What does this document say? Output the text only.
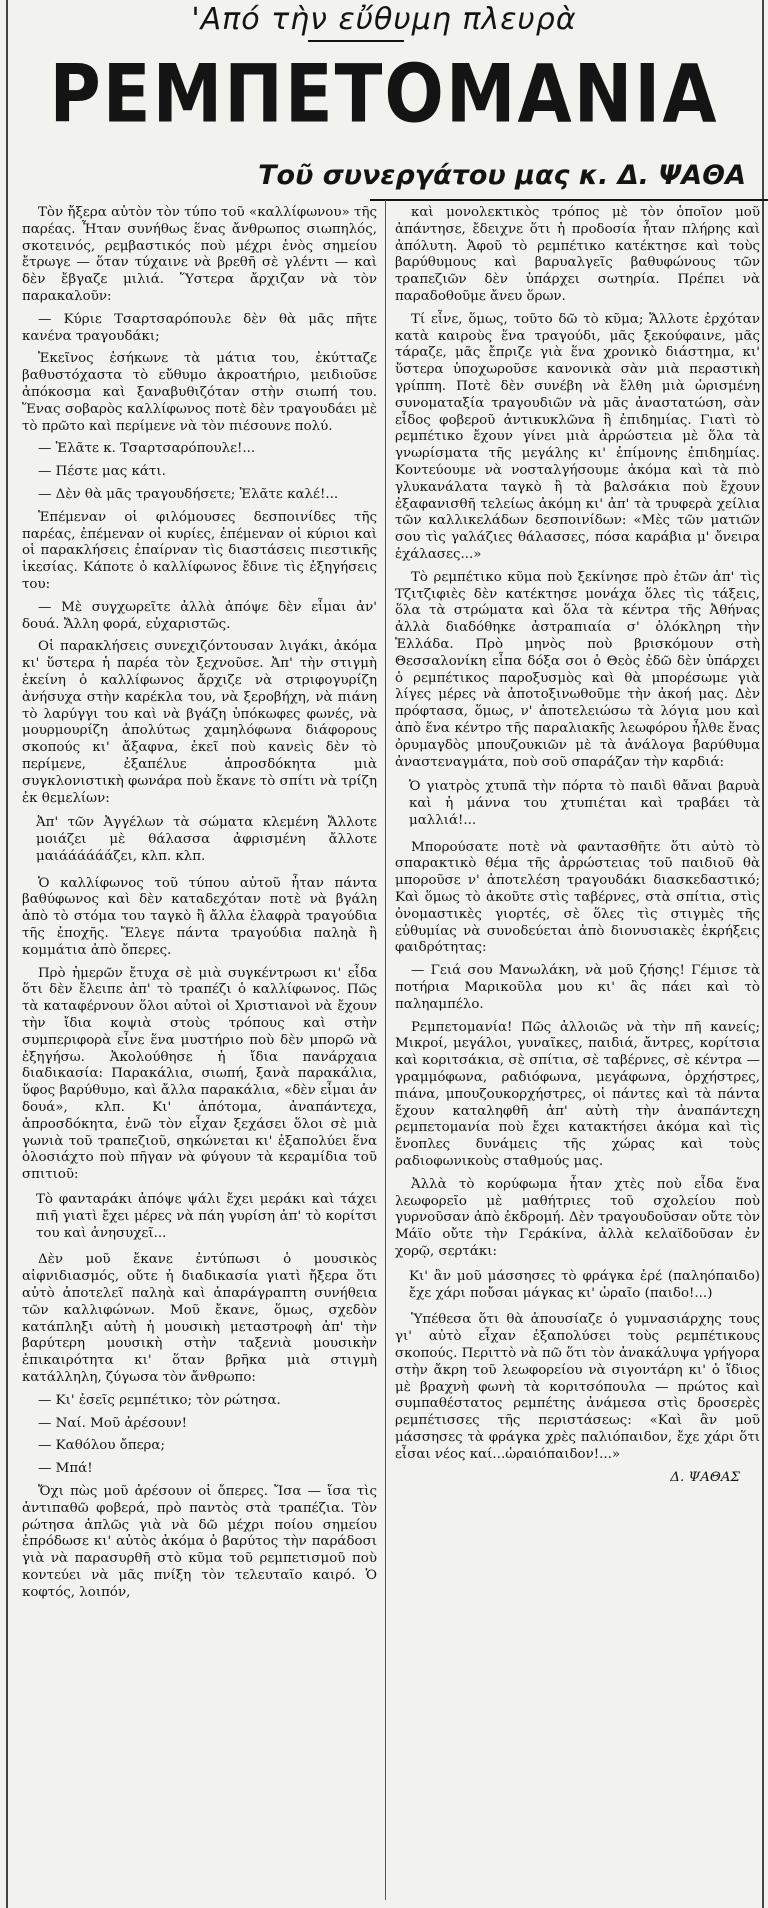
'Από τὴν εὔθυμη πλευρὰ
ΡΕΜΠΕΤΟΜΑΝΙΑ
Τοῦ συνεργάτου μας κ. Δ. ΨΑΘΑ

Τὸν ἤξερα αὐτὸν τὸν τύπο τοῦ «καλλίφωνου» τῆς παρέας. Ἦταν συνήθως ἕνας ἄνθρωπος σιωπηλός, σκοτεινός, ρεμβαστικός ποὺ μέχρι ἑνὸς σημείου ἔτρωγε — ὅταν τύχαινε νὰ βρεθῆ σὲ γλέντι — καὶ δὲν ἔβγαζε μιλιά. Ὕστερα ἄρχιζαν νὰ τὸν παρακαλοῦν:

— Κύριε Τσαρτσαρόπουλε δὲν θὰ μᾶς πῆτε κανένα τραγουδάκι;

Ἐκεῖνος ἐσήκωνε τὰ μάτια του, ἐκύτταζε βαθυστόχαστα τὸ εὔθυμο ἀκροατήριο, μειδιοῦσε ἀπόκοσμα καὶ ξαναβυθιζόταν στὴν σιωπή του. Ἕνας σοβαρὸς καλλίφωνος ποτὲ δὲν τραγουδάει μὲ τὸ πρῶτο καὶ περίμενε νὰ τὸν πιέσουνε πολύ.

— Ἐλᾶτε κ. Τσαρτσαρόπουλε!...

— Πέστε μας κάτι.

— Δὲν θὰ μᾶς τραγουδήσετε; Ἐλᾶτε καλέ!...

Ἐπέμεναν οἱ φιλόμουσες δεσποινίδες τῆς παρέας, ἐπέμεναν οἱ κυρίες, ἐπέμεναν οἱ κύριοι καὶ οἱ παρακλήσεις ἐπαίρναν τὶς διαστάσεις πιεστικῆς ἱκεσίας. Κάποτε ὁ καλλίφωνος ἔδινε τὶς ἐξηγήσεις του:

— Μὲ συγχωρεῖτε ἀλλὰ ἀπόψε δὲν εἶμαι ἀν' δουά. Ἄλλη φορά, εὐχαριστῶς.

Οἱ παρακλήσεις συνεχιζόντουσαν λιγάκι, ἀκόμα κι' ὕστερα ἡ παρέα τὸν ξεχνοῦσε. Ἀπ' τὴν στιγμὴ ἐκείνη ὁ καλλίφωνος ἄρχιζε νὰ στριφογυρίζη ἀνήσυχα στὴν καρέκλα του, νὰ ξεροβήχη, νὰ πιάνη τὸ λαρύγγι του καὶ νὰ βγάζη ὑπόκωφες φωνές, νὰ μουρμουρίζη ἀπολύτως χαμηλόφωνα διάφορους σκοπούς κι' ἄξαφνα, ἐκεῖ ποὺ κανεὶς δὲν τὸ περίμενε, ἐξαπέλυε ἀπροσδόκητα μιὰ συγκλονιστικὴ φωνάρα ποὺ ἔκανε τὸ σπίτι νὰ τρίζη ἐκ θεμελίων:

Ἀπ' τῶν Ἀγγέλων τὰ σώματα κλεμένη Ἄλλοτε μοιάζει μὲ θάλασσα ἀφρισμένη ἄλλοτε μαιάάάάάάζει, κλπ. κλπ.

Ὁ καλλίφωνος τοῦ τύπου αὐτοῦ ἦταν πάντα βαθύφωνος καὶ δὲν καταδεχόταν ποτὲ νὰ βγάλη ἀπὸ τὸ στόμα του ταγκὸ ἢ ἄλλα ἐλαφρὰ τραγούδια τῆς ἐποχῆς. Ἔλεγε πάντα τραγούδια παληὰ ἢ κομμάτια ἀπὸ ὄπερες.

Πρὸ ἡμερῶν ἔτυχα σὲ μιὰ συγκέντρωσι κι' εἶδα ὅτι δὲν ἔλειπε ἀπ' τὸ τραπέζι ὁ καλλίφωνος. Πῶς τὰ καταφέρνουν ὅλοι αὐτοὶ οἱ Χριστιανοὶ νὰ ἔχουν τὴν ἴδια κοψιὰ στοὺς τρόπους καὶ στὴν συμπεριφορὰ εἶνε ἕνα μυστήριο ποὺ δὲν μπορῶ νὰ ἐξηγήσω. Ἀκολούθησε ἡ ἴδια πανάρχαια διαδικασία: Παρακάλια, σιωπή, ξανὰ παρακάλια, ὕφος βαρύθυμο, καὶ ἄλλα παρακάλια, «δὲν εἶμαι ἀν δουά», κλπ. Κι' ἀπότομα, ἀναπάντεχα, ἀπροσδόκητα, ἐνῶ τὸν εἶχαν ξεχάσει ὅλοι σὲ μιὰ γωνιὰ τοῦ τραπεζιοῦ, σηκώνεται κι' ἐξαπολύει ἕνα ὁλοσιάχτο ποὺ πῆγαν νὰ φύγουν τὰ κεραμίδια τοῦ σπιτιοῦ:

Τὸ φανταράκι ἀπόψε ψάλι ἔχει μεράκι καὶ τάχει πιῆ γιατὶ ἔχει μέρες νὰ πάη γυρίση ἀπ' τὸ κορίτσι του καὶ ἀνησυχεῖ...

Δὲν μοῦ ἔκανε ἐντύπωσι ὁ μουσικὸς αἰφνιδιασμός, οὔτε ἡ διαδικασία γιατὶ ἤξερα ὅτι αὐτὸ ἀποτελεῖ παληὰ καὶ ἀπαράγραπτη συνήθεια τῶν καλλιφώνων. Μοῦ ἔκανε, ὅμως, σχεδὸν κατάπληξι αὐτὴ ἡ μουσικὴ μεταστροφὴ ἀπ' τὴν βαρύτερη μουσικὴ στὴν ταξενιὰ μουσικὴν ἐπικαιρότητα κι' ὅταν βρῆκα μιὰ στιγμὴ κατάλληλη, ζύγωσα τὸν ἄνθρωπο:

— Κι' ἐσεῖς ρεμπέτικο; τὸν ρώτησα.

— Ναί. Μοῦ ἀρέσουν!

— Καθόλου ὄπερα;

— Μπά!

Ὄχι πὼς μοῦ ἀρέσουν οἱ ὄπερες. Ἴσα — ἴσα τὶς ἀντιπαθῶ φοβερά, πρὸ παντὸς στὰ τραπέζια. Τὸν ρώτησα ἁπλῶς γιὰ νὰ δῶ μέχρι ποίου σημείου ἐπρόδωσε κι' αὐτὸς ἀκόμα ὁ βαρύτος τὴν παράδοσι γιὰ νὰ παρασυρθῆ στὸ κῦμα τοῦ ρεμπετισμοῦ ποὺ κοντεύει νὰ μᾶς πνίξη τὸν τελευταῖο καιρό. Ὁ κοφτός, λοιπόν,

καὶ μονολεκτικὸς τρόπος μὲ τὸν ὁποῖον μοῦ ἀπάντησε, ἔδειχνε ὅτι ἡ προδοσία ἦταν πλήρης καὶ ἀπόλυτη. Ἀφοῦ τὸ ρεμπέτικο κατέκτησε καὶ τοὺς βαρύθυμους καὶ βαρυαλγεῖς βαθυφώνους τῶν τραπεζιῶν δὲν ὑπάρχει σωτηρία. Πρέπει νὰ παραδοθοῦμε ἄνευ ὅρων.

Τί εἶνε, ὅμως, τοῦτο δῶ τὸ κῦμα; Ἄλλοτε ἐρχόταν κατὰ καιροὺς ἕνα τραγούδι, μᾶς ξεκούφαινε, μᾶς τάραζε, μᾶς ἔπριζε γιὰ ἕνα χρονικὸ διάστημα, κι' ὕστερα ὑποχωροῦσε κανονικὰ σὰν μιὰ περαστικὴ γρίππη. Ποτὲ δὲν συνέβη νὰ ἔλθη μιὰ ὡρισμένη συνοματαξία τραγουδιῶν νὰ μᾶς ἀναστατώση, σὰν εἶδος φοβεροῦ ἀντικυκλῶνα ἢ ἐπιδημίας. Γιατὶ τὸ ρεμπέτικο ἔχουν γίνει μιὰ ἀρρώστεια μὲ ὅλα τὰ γνωρίσματα τῆς μεγάλης κι' ἐπίμονης ἐπιδημίας. Κοντεύουμε νὰ νοσταλγήσουμε ἀκόμα καὶ τὰ πιὸ γλυκανάλατα ταγκὸ ἢ τὰ βαλσάκια ποὺ ἔχουν ἐξαφανισθῆ τελείως ἀκόμη κι' ἀπ' τὰ τρυφερὰ χείλια τῶν καλλικελάδων δεσποινίδων: «Μὲς τῶν ματιῶν σου τὶς γαλάζιες θάλασσες, πόσα καράβια μ' ὄνειρα ἐχάλασες...»

Τὸ ρεμπέτικο κῦμα ποὺ ξεκίνησε πρὸ ἐτῶν ἀπ' τὶς Τζιτζιφιὲς δὲν κατέκτησε μονάχα ὅλες τὶς τάξεις, ὅλα τὰ στρώματα καὶ ὅλα τὰ κέντρα τῆς Ἀθήνας ἀλλὰ διαδόθηκε ἀστραπιαία σ' ὁλόκληρη τὴν Ἑλλάδα. Πρὸ μηνὸς ποὺ βρισκόμουν στὴ Θεσσαλονίκη εἶπα δόξα σοι ὁ Θεὸς ἐδῶ δὲν ὑπάρχει ὁ ρεμπέτικος παροξυσμὸς καὶ θὰ μπορέσωμε γιὰ λίγες μέρες νὰ ἀποτοξινωθοῦμε τὴν ἀκοή μας. Δὲν πρόφτασα, ὅμως, ν' ἀποτελειώσω τὰ λόγια μου καὶ ἀπὸ ἕνα κέντρο τῆς παραλιακῆς λεωφόρου ἦλθε ἕνας ὀρυμαγδὸς μπουζουκιῶν μὲ τὰ ἀνάλογα βαρύθυμα ἀναστεναγμάτα, ποὺ σοῦ σπαράζαν τὴν καρδιά:

Ὁ γιατρὸς χτυπᾶ τὴν πόρτα τὸ παιδὶ θἄναι βαρυὰ καὶ ἡ μάννα του χτυπιέται καὶ τραβάει τὰ μαλλιά!...

Μπορούσατε ποτὲ νὰ φαντασθῆτε ὅτι αὐτὸ τὸ σπαρακτικὸ θέμα τῆς ἀρρώστειας τοῦ παιδιοῦ θὰ μποροῦσε ν' ἀποτελέση τραγουδάκι διασκεδαστικό; Καὶ ὅμως τὸ ἀκοῦτε στὶς ταβέρνες, στὰ σπίτια, στὶς ὀνομαστικὲς γιορτές, σὲ ὅλες τὶς στιγμὲς τῆς εὐθυμίας νὰ συνοδεύεται ἀπὸ διονυσιακὲς ἐκρήξεις φαιδρότητας:

— Γειά σου Μανωλάκη, νὰ μοῦ ζήσης! Γέμισε τὰ ποτήρια Μαρικοῦλα μου κι' ἂς πάει καὶ τὸ παληαμπέλο.

Ρεμπετομανία! Πῶς ἀλλοιῶς νὰ τὴν πῆ κανείς; Μικροί, μεγάλοι, γυναῖκες, παιδιά, ἄντρες, κορίτσια καὶ κοριτσάκια, σὲ σπίτια, σὲ ταβέρνες, σὲ κέντρα — γραμμόφωνα, ραδιόφωνα, μεγάφωνα, ὀρχήστρες, πιάνα, μπουζουκορχήστρες, οἱ πάντες καὶ τὰ πάντα ἔχουν καταληφθῆ ἀπ' αὐτὴ τὴν ἀναπάντεχη ρεμπετομανία ποὺ ἔχει κατακτήσει ἀκόμα καὶ τὶς ἔνοπλες δυνάμεις τῆς χώρας καὶ τοὺς ραδιοφωνικοὺς σταθμούς μας.

Ἀλλὰ τὸ κορύφωμα ἦταν χτὲς ποὺ εἶδα ἕνα λεωφορεῖο μὲ μαθήτριες τοῦ σχολείου ποὺ γυρνοῦσαν ἀπὸ ἐκδρομή. Δὲν τραγουδοῦσαν οὔτε τὸν Μάϊο οὔτε τὴν Γεράκίνα, ἀλλὰ κελαϊδοῦσαν ἐν χορῷ, σερτάκι:

Κι' ἂν μοῦ μάσσησες τὸ φράγκα ἐρέ (παληόπαιδο) ἔχε χάρι ποὔσαι μάγκας κι' ὡραῖο (παιδο!...)

Ὑπέθεσα ὅτι θὰ ἀπουσίαζε ὁ γυμνασιάρχης τους γι' αὐτὸ εἶχαν ἐξαπολύσει τοὺς ρεμπέτικους σκοπούς. Περιττὸ νὰ πῶ ὅτι τὸν ἀνακάλυψα γρήγορα στὴν ἄκρη τοῦ λεωφορείου νὰ σιγοντάρη κι' ὁ ἴδιος μὲ βραχνὴ φωνὴ τὰ κοριτσόπουλα — πρώτος καὶ συμπαθέστατος ρεμπέτης ἀνάμεσα στὶς δροσερὲς ρεμπέτισσες τῆς περιστάσεως: «Καὶ ἂν μοῦ μάσσησες τὰ φράγκα χρὲς παλιόπαιδον, ἔχε χάρι ὅτι εἶσαι νέος καί...ὡραιόπαιδον!...»

Δ. ΨΑΘΑΣ
